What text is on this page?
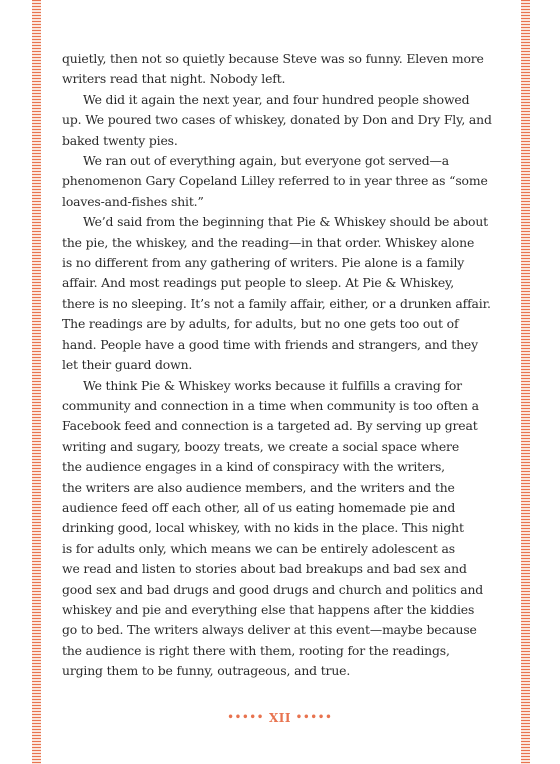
quietly, then not so quietly because Steve was so funny. Eleven more
writers read that night. Nobody left.
We did it again the next year, and four hundred people showed
up. We poured two cases of whiskey, donated by Don and Dry Fly, and
baked twenty pies.
We ran out of everything again, but everyone got served—a
phenomenon Gary Copeland Lilley referred to in year three as “some
loaves-and-fishes shit.”
We’d said from the beginning that Pie & Whiskey should be about
the pie, the whiskey, and the reading—in that order. Whiskey alone
is no different from any gathering of writers. Pie alone is a family
affair. And most readings put people to sleep. At Pie & Whiskey,
there is no sleeping. It’s not a family affair, either, or a drunken affair.
The readings are by adults, for adults, but no one gets too out of
hand. People have a good time with friends and strangers, and they
let their guard down.
We think Pie & Whiskey works because it fulfills a craving for
community and connection in a time when community is too often a
Facebook feed and connection is a targeted ad. By serving up great
writing and sugary, boozy treats, we create a social space where
the audience engages in a kind of conspiracy with the writers,
the writers are also audience members, and the writers and the
audience feed off each other, all of us eating homemade pie and
drinking good, local whiskey, with no kids in the place. This night
is for adults only, which means we can be entirely adolescent as
we read and listen to stories about bad breakups and bad sex and
good sex and bad drugs and good drugs and church and politics and
whiskey and pie and everything else that happens after the kiddies
go to bed. The writers always deliver at this event—maybe because
the audience is right there with them, rooting for the readings,
urging them to be funny, outrageous, and true.
••••• XII •••••
